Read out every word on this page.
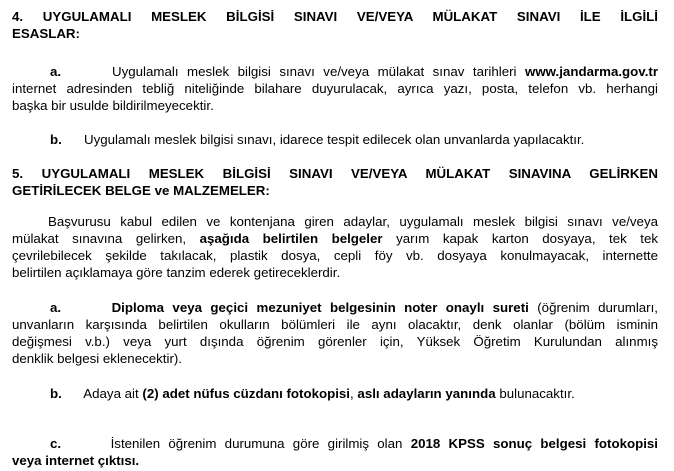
4. UYGULAMALI MESLEK BİLGİSİ SINAVI VE/VEYA MÜLAKAT SINAVI İLE İLGİLİ
ESASLAR:
a.	Uygulamalı meslek bilgisi sınavı ve/veya mülakat sınav tarihleri www.jandarma.gov.tr
internet adresinden tebliğ niteliğinde bilahare duyurulacak, ayrıca yazı, posta, telefon vb. herhangi
başka bir usulde bildirilmeyecektir.
b. Uygulamalı meslek bilgisi sınavı, idarece tespit edilecek olan unvanlarda yapılacaktır.
5. UYGULAMALI MESLEK BİLGİSİ SINAVI VE/VEYA MÜLAKAT SINAVINA GELİRKEN
GETİRİLECEK BELGE ve MALZEMELER:
Başvurusu kabul edilen ve kontenjana giren adaylar, uygulamalı meslek bilgisi sınavı ve/veya
mülakat sınavına gelirken, aşağıda belirtilen belgeler yarım kapak karton dosyaya, tek tek
çevrilebilecek şekilde takılacak, plastik dosya, cepli föy vb. dosyaya konulmayacak, internette
belirtilen açıklamaya göre tanzim ederek getireceklerdir.
a.	Diploma veya geçici mezuniyet belgesinin noter onaylı sureti (öğrenim durumları,
unvanların karşısında belirtilen okulların bölümleri ile aynı olacaktır, denk olanlar (bölüm isminin
değişmesi v.b.) veya yurt dışında öğrenim görenler için, Yüksek Öğretim Kurulundan alınmış
denklik belgesi eklenecektir).
b. Adaya ait (2) adet nüfus cüzdanı fotokopisi, aslı adayların yanında bulunacaktır.
c.	İstenilen öğrenim durumuna göre girilmiş olan 2018 KPSS sonuç belgesi fotokopisi
veya internet çıktısı.
